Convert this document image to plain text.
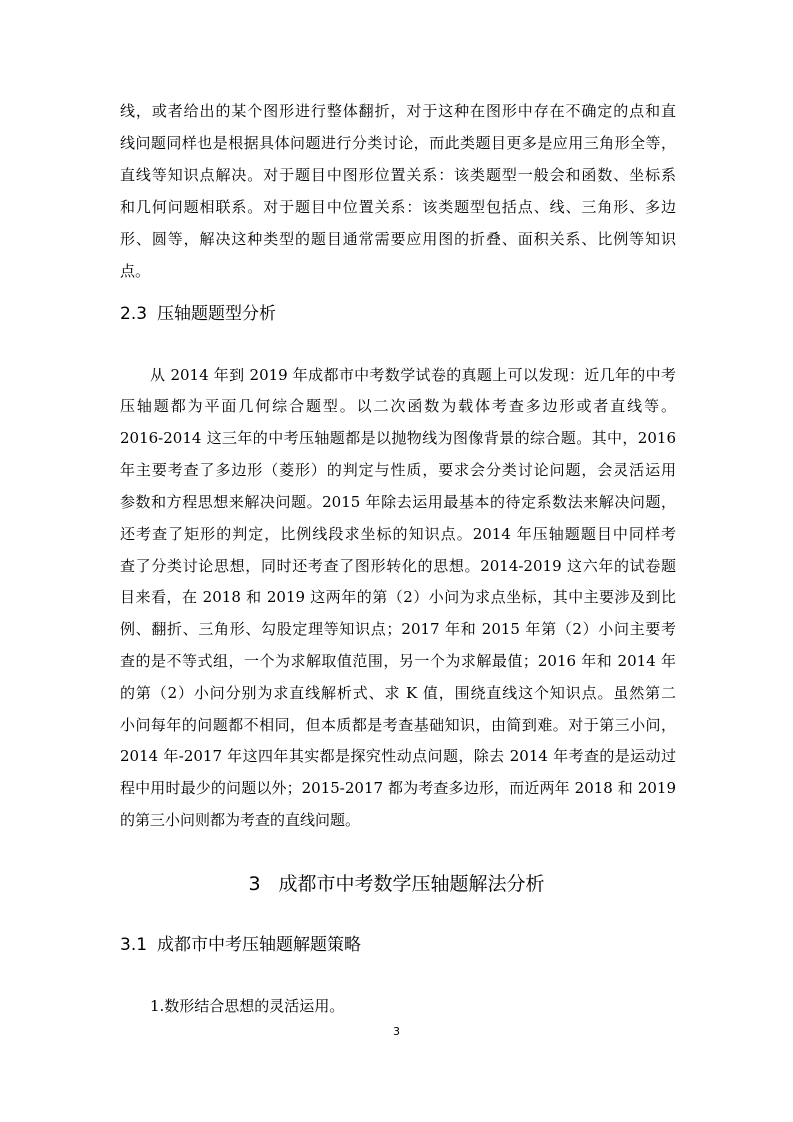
线，或者给出的某个图形进行整体翻折，对于这种在图形中存在不确定的点和直
线问题同样也是根据具体问题进行分类讨论，而此类题目更多是应用三角形全等，
直线等知识点解决。对于题目中图形位置关系：该类题型一般会和函数、坐标系
和几何问题相联系。对于题目中位置关系：该类题型包括点、线、三角形、多边
形、圆等，解决这种类型的题目通常需要应用图的折叠、面积关系、比例等知识
点。
2.3 压轴题题型分析
从 2014 年到 2019 年成都市中考数学试卷的真题上可以发现：近几年的中考
压轴题都为平面几何综合题型。以二次函数为载体考查多边形或者直线等。
2016-2014 这三年的中考压轴题都是以抛物线为图像背景的综合题。其中，2016
年主要考查了多边形（菱形）的判定与性质，要求会分类讨论问题，会灵活运用
参数和方程思想来解决问题。2015 年除去运用最基本的待定系数法来解决问题，
还考查了矩形的判定，比例线段求坐标的知识点。2014 年压轴题题目中同样考
查了分类讨论思想，同时还考查了图形转化的思想。2014-2019 这六年的试卷题
目来看，在 2018 和 2019 这两年的第（2）小问为求点坐标，其中主要涉及到比
例、翻折、三角形、勾股定理等知识点；2017 年和 2015 年第（2）小问主要考
查的是不等式组，一个为求解取值范围，另一个为求解最值；2016 年和 2014 年
的第（2）小问分别为求直线解析式、求 K 值，围绕直线这个知识点。虽然第二
小问每年的问题都不相同，但本质都是考查基础知识，由简到难。对于第三小问，
2014 年-2017 年这四年其实都是探究性动点问题，除去 2014 年考查的是运动过
程中用时最少的问题以外；2015-2017 都为考查多边形，而近两年 2018 和 2019
的第三小问则都为考查的直线问题。
3 成都市中考数学压轴题解法分析
3.1 成都市中考压轴题解题策略
1.数形结合思想的灵活运用。
3
